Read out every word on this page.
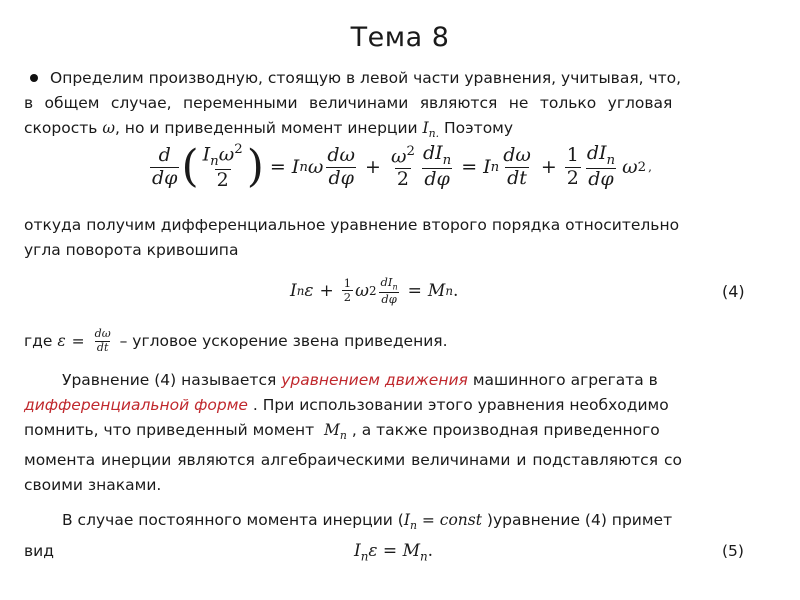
Тема 8
Определим производную, стоящую в левой части уравнения, учитывая, что,
в общем случае, переменными величинами являются не только угловая
скорость ω, но и приведенный момент инерции $I_{n.}$ Поэтому
$\frac{d}{d\varphi}$ ( $\frac{I_n\omega^2}{2}$ ) = I n ω $\frac{d\omega}{d\varphi} + \frac{\omega^2}{2} \frac{dI_n}{d\varphi} = I$ n $\frac{d\omega}{dt} + \frac{1}{2} \frac{dI_n}{d\varphi}$ ω 2 ,
откуда получим дифференциальное уравнение второго порядка относительно
угла поворота кривошипа
I n $\varepsilon + \frac{1}{2}$ ω $2 \frac{dI_n}{d\varphi} = M$ n .	(4)
где $\varepsilon = \frac{d\omega}{dt}$ – угловое ускорение звена приведения.
Уравнение (4) называется уравнением движения машинного агрегата в
дифференциальной форме . При использовании этого уравнения необходимо
помнить, что приведенный момент  $M_n$ , а также производная приведенного
момента инерции являются алгебраическими величинами и подставляются со
своими знаками.
В случае постоянного момента инерции ($I_n$ = const )уравнение (4) примет
вид	$I_n\varepsilon = M_n$.	(5)
